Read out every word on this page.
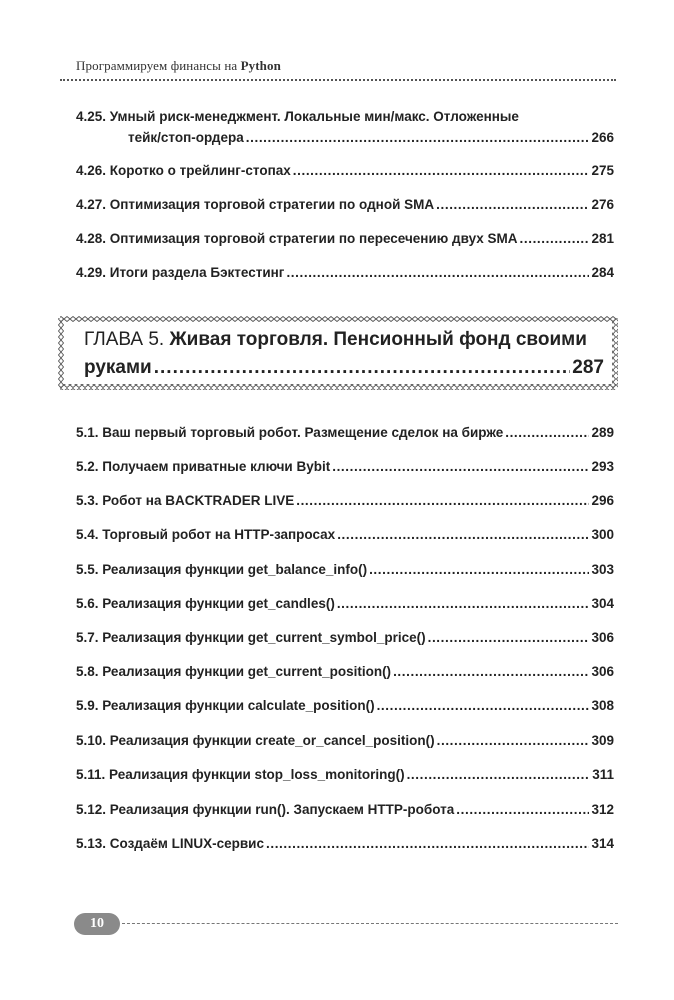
Программируем финансы на Python
4.25. Умный риск-менеджмент. Локальные мин/макс. Отложенные
тейк/стоп-ордера .....	266
4.26. Коротко о трейлинг-стопах .....	275
4.27. Оптимизация торговой стратегии по одной SMA .....	276
4.28. Оптимизация торговой стратегии по пересечению двух SMA .....	281
4.29. Итоги раздела Бэктестинг .....	284
ГЛАВА 5. Живая торговля. Пенсионный фонд своими
руками .....	287
5.1. Ваш первый торговый робот. Размещение сделок на бирже .....	289
5.2. Получаем приватные ключи Bybit .....	293
5.3. Робот на BACKTRADER LIVE .....	296
5.4. Торговый робот на HTTP-запросах .....	300
5.5. Реализация функции get_balance_info() .....	303
5.6. Реализация функции get_candles() .....	304
5.7. Реализация функции get_current_symbol_price() .....	306
5.8. Реализация функции get_current_position() .....	306
5.9. Реализация функции calculate_position() .....	308
5.10. Реализация функции create_or_cancel_position() .....	309
5.11. Реализация функции stop_loss_monitoring() .....	311
5.12. Реализация функции run(). Запускаем HTTP-робота .....	312
5.13. Создаём LINUX-сервис .....	314
10
